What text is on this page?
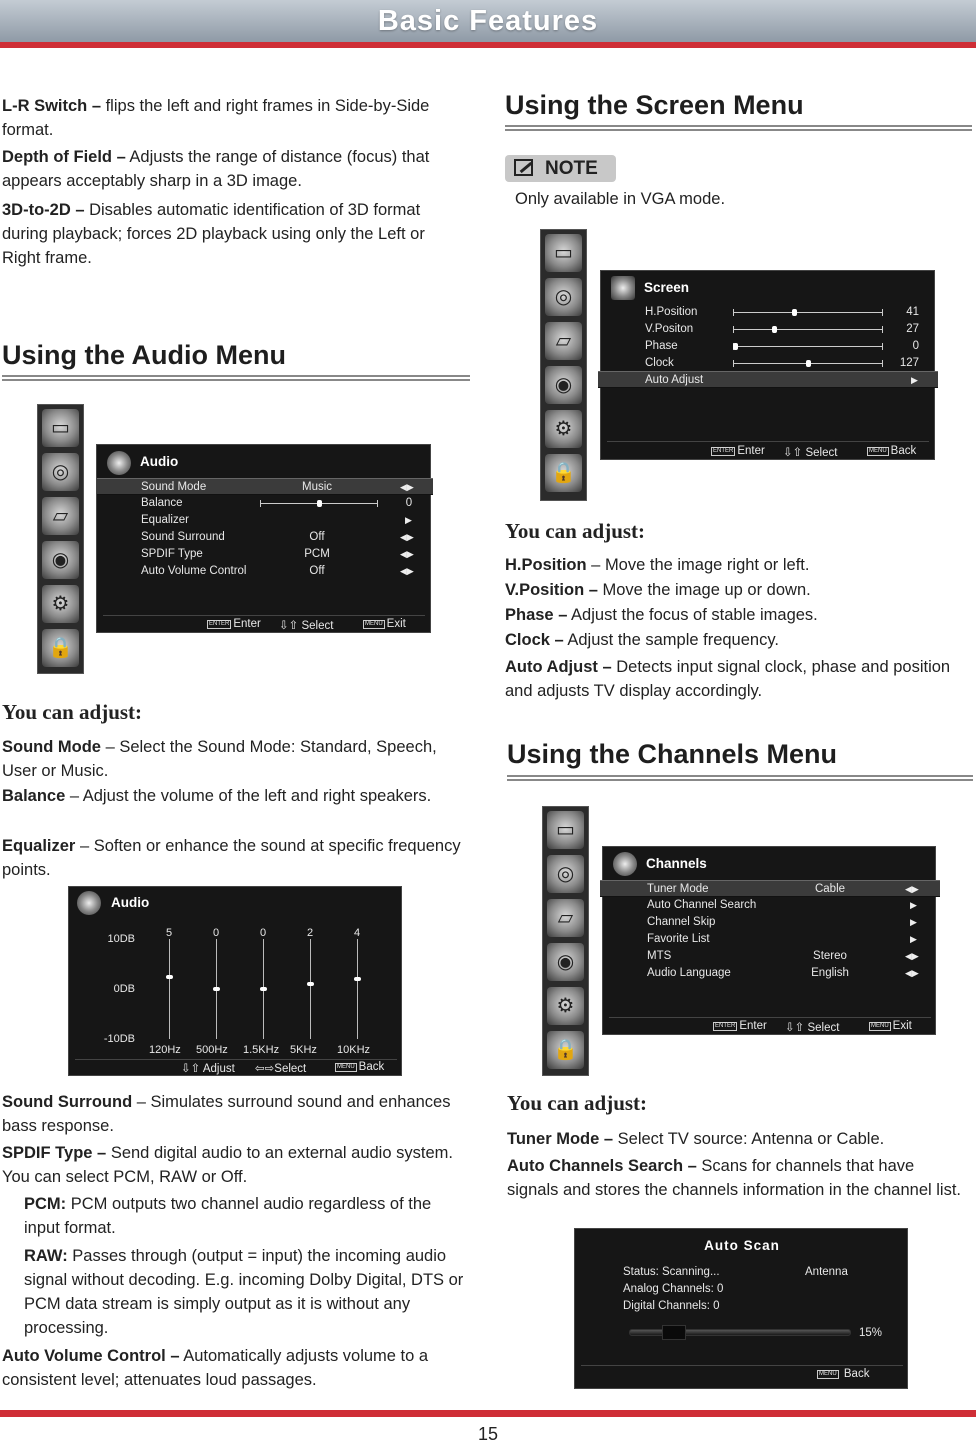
Basic Features
L-R Switch – flips the left and right frames in Side-by-Side format.
Depth of Field – Adjusts the range of distance (focus) that appears acceptably sharp in a 3D image.
3D-to-2D – Disables automatic identification of 3D format during playback; forces 2D playback using only the Left or Right frame.
Using the Audio Menu
▭
◎
▱
◉
⚙
🔒
Audio
Sound Mode	Music	◀▶
Balance	0
Equalizer	▶
Sound Surround	Off	◀▶
SPDIF Type	PCM	◀▶
Auto Volume Control	Off	◀▶
ENTER Enter ⇩⇧ Select	MENU Exit
You can adjust:
Sound Mode – Select the Sound Mode: Standard, Speech, User or Music.
Balance – Adjust the volume of the left and right speakers.
Equalizer – Soften or enhance the sound at specific frequency points.
Audio
10DB
0DB
-10DB
5
120Hz
0
500Hz
0
1.5KHz
2
5KHz
4
10KHz
⇩⇧ Adjust ⇦⇨Select	MENU Back
Sound Surround – Simulates surround sound and enhances bass response.
SPDIF Type – Send digital audio to an external audio system. You can select PCM, RAW or Off.
PCM: PCM outputs two channel audio regardless of the input format.
RAW: Passes through (output = input) the incoming audio signal without decoding. E.g. incoming Dolby Digital, DTS or PCM data stream is simply output as it is without any processing.
Auto Volume Control – Automatically adjusts volume to a consistent level; attenuates loud passages.
Using the Screen Menu
NOTE
Only available in VGA mode.
▭
◎
▱
◉
⚙
🔒
Screen
H.Position	41
V.Positon	27
Phase	0
Clock	127
Auto Adjust	▶
ENTER Enter ⇩⇧ Select	MENU Back
You can adjust:
H.Position – Move the image right or left.
V.Position – Move the image up or down.
Phase – Adjust the focus of stable images.
Clock – Adjust the sample frequency.
Auto Adjust – Detects input signal clock, phase and position and adjusts TV display accordingly.
Using the Channels Menu
▭
◎
▱
◉
⚙
🔒
Channels
Tuner Mode	Cable	◀▶
Auto Channel Search	▶
Channel Skip	▶
Favorite List	▶
MTS	Stereo	◀▶
Audio Language	English	◀▶
ENTER Enter ⇩⇧ Select	MENU Exit
You can adjust:
Tuner Mode – Select TV source: Antenna or Cable.
Auto Channels Search – Scans for channels that have signals and stores the channels information in the channel list.
Auto Scan
Status: Scanning...	Antenna
Analog Channels: 0
Digital Channels: 0
15%
MENU Back
15
